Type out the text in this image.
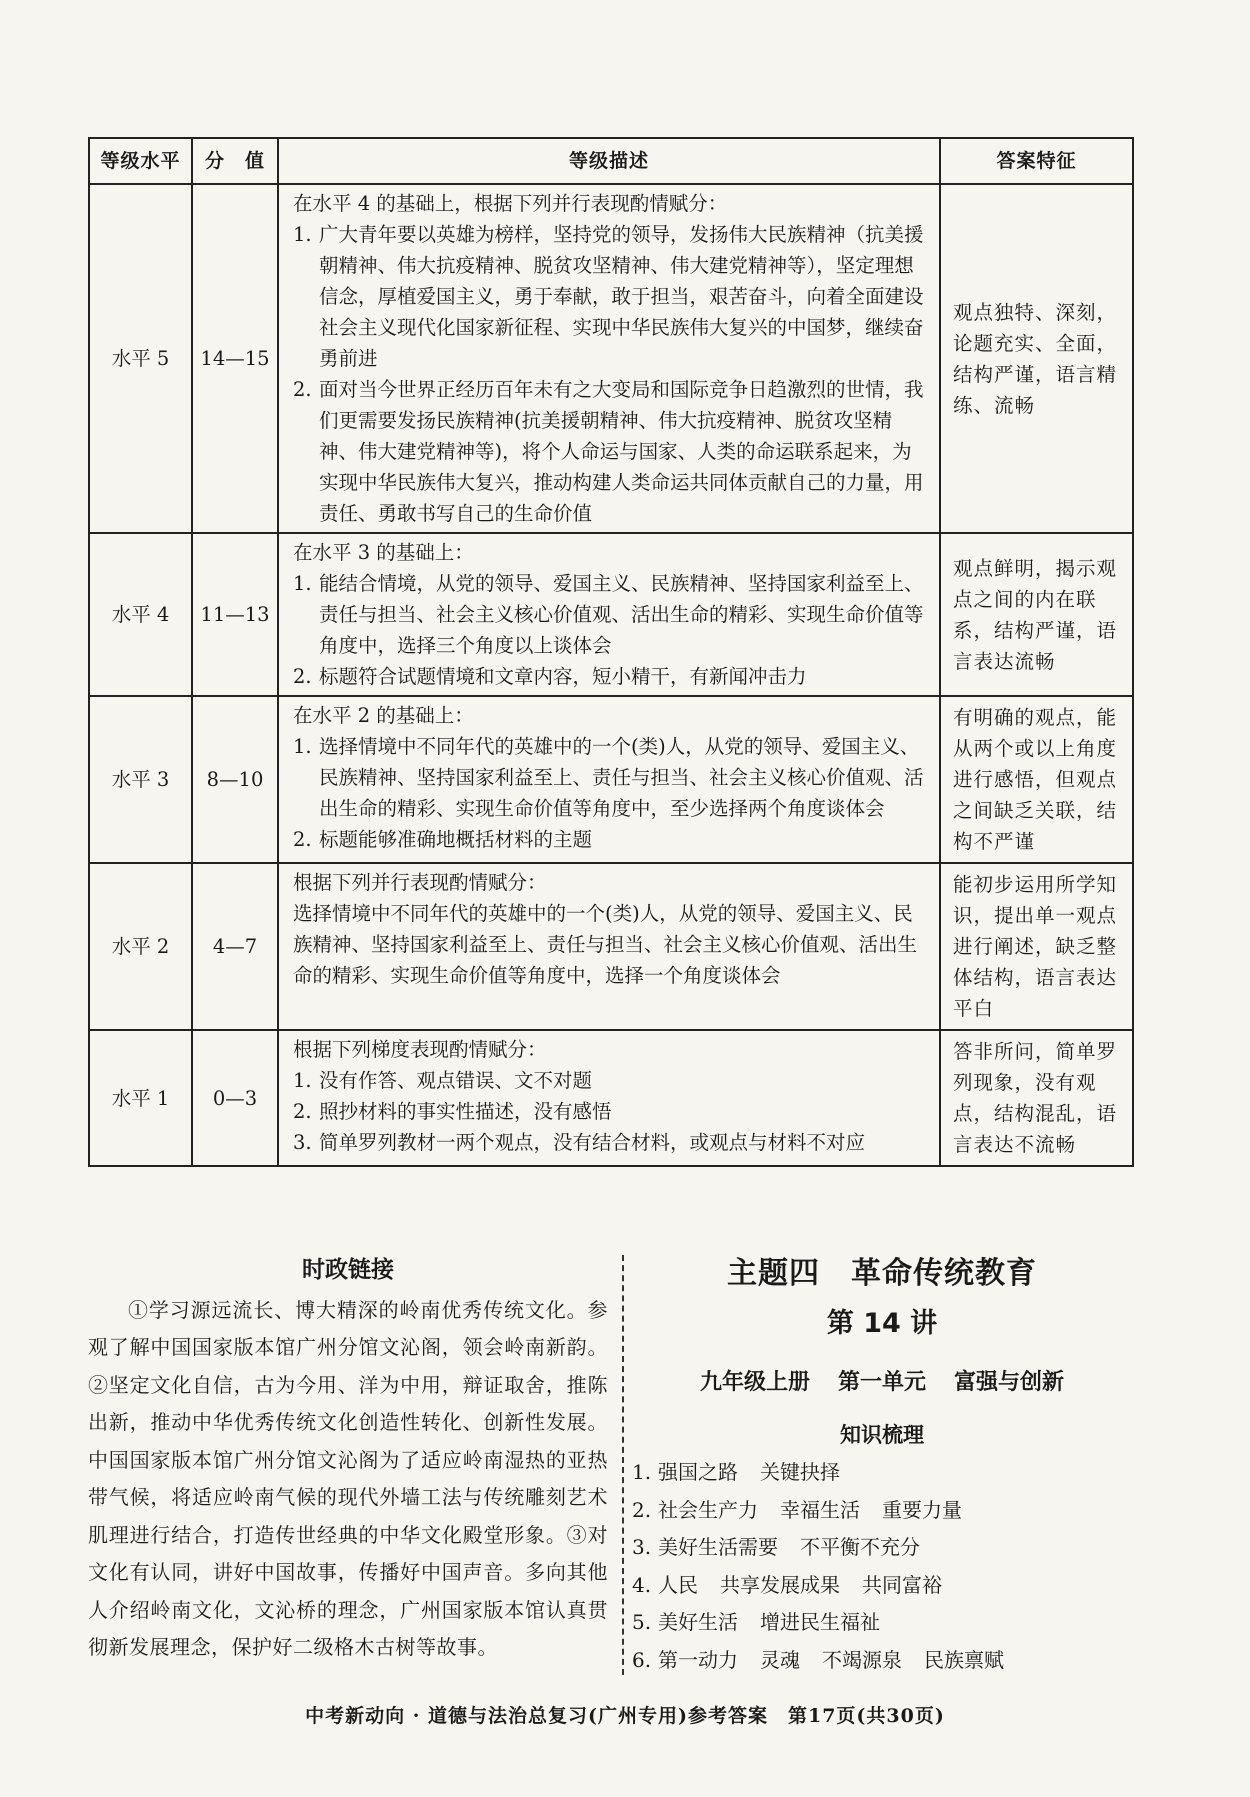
等级水平	分　值	等级描述	答案特征
水平 5	14—15	在水平 4 的基础上，根据下列并行表现酌情赋分：

1. 广大青年要以英雄为榜样，坚持党的领导，发扬伟大民族精神（抗美援朝精神、伟大抗疫精神、脱贫攻坚精神、伟大建党精神等），坚定理想信念，厚植爱国主义，勇于奉献，敢于担当，艰苦奋斗，向着全面建设社会主义现代化国家新征程、实现中华民族伟大复兴的中国梦，继续奋勇前进

2. 面对当今世界正经历百年未有之大变局和国际竞争日趋激烈的世情，我们更需要发扬民族精神(抗美援朝精神、伟大抗疫精神、脱贫攻坚精神、伟大建党精神等)，将个人命运与国家、人类的命运联系起来，为实现中华民族伟大复兴，推动构建人类命运共同体贡献自己的力量，用责任、勇敢书写自己的生命价值	观点独特、深刻，论题充实、全面，结构严谨，语言精练、流畅
水平 4	11—13	在水平 3 的基础上：

1. 能结合情境，从党的领导、爱国主义、民族精神、坚持国家利益至上、责任与担当、社会主义核心价值观、活出生命的精彩、实现生命价值等角度中，选择三个角度以上谈体会

2. 标题符合试题情境和文章内容，短小精干，有新闻冲击力	观点鲜明，揭示观点之间的内在联系，结构严谨，语言表达流畅
水平 3	8—10	在水平 2 的基础上：

1. 选择情境中不同年代的英雄中的一个(类)人，从党的领导、爱国主义、民族精神、坚持国家利益至上、责任与担当、社会主义核心价值观、活出生命的精彩、实现生命价值等角度中，至少选择两个角度谈体会

2. 标题能够准确地概括材料的主题	有明确的观点，能从两个或以上角度进行感悟，但观点之间缺乏关联，结构不严谨
水平 2	4—7	根据下列并行表现酌情赋分：

选择情境中不同年代的英雄中的一个(类)人，从党的领导、爱国主义、民族精神、坚持国家利益至上、责任与担当、社会主义核心价值观、活出生命的精彩、实现生命价值等角度中，选择一个角度谈体会	能初步运用所学知识，提出单一观点进行阐述，缺乏整体结构，语言表达平白
水平 1	0—3	根据下列梯度表现酌情赋分：

1. 没有作答、观点错误、文不对题

2. 照抄材料的事实性描述，没有感悟

3. 简单罗列教材一两个观点，没有结合材料，或观点与材料不对应	答非所问，简单罗列现象，没有观点，结构混乱，语言表达不流畅
时政链接

①学习源远流长、博大精深的岭南优秀传统文化。参观了解中国国家版本馆广州分馆文沁阁，领会岭南新韵。②坚定文化自信，古为今用、洋为中用，辩证取舍，推陈出新，推动中华优秀传统文化创造性转化、创新性发展。中国国家版本馆广州分馆文沁阁为了适应岭南湿热的亚热带气候，将适应岭南气候的现代外墙工法与传统雕刻艺术肌理进行结合，打造传世经典的中华文化殿堂形象。③对文化有认同，讲好中国故事，传播好中国声音。多向其他人介绍岭南文化，文沁桥的理念，广州国家版本馆认真贯彻新发展理念，保护好二级格木古树等故事。

主题四　革命传统教育

第 14 讲

九年级上册 第一单元 富强与创新

知识梳理

1. 强国之路 关键抉择
2. 社会生产力 幸福生活 重要力量
3. 美好生活需要 不平衡不充分
4. 人民 共享发展成果 共同富裕
5. 美好生活 增进民生福祉
6. 第一动力 灵魂 不竭源泉 民族禀赋
中考新动向 · 道德与法治总复习(广州专用)参考答案　第17页(共30页)
